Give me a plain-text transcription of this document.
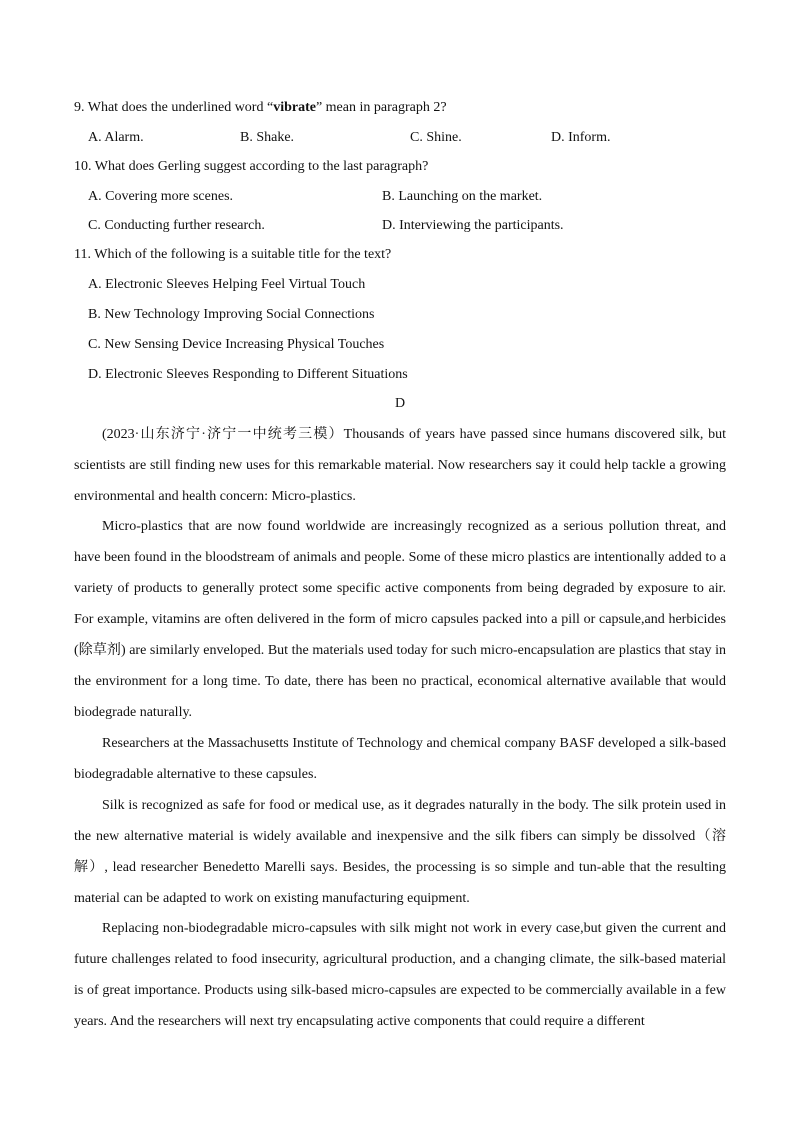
9. What does the underlined word “vibrate” mean in paragraph 2?
A. Alarm.	B. Shake.	C. Shine.	D. Inform.
10. What does Gerling suggest according to the last paragraph?
A. Covering more scenes.	B. Launching on the market.
C. Conducting further research.	D. Interviewing the participants.
11. Which of the following is a suitable title for the text?
A. Electronic Sleeves Helping Feel Virtual Touch
B. New Technology Improving Social Connections
C. New Sensing Device Increasing Physical Touches
D. Electronic Sleeves Responding to Different Situations
D

(2023·山东济宁·济宁一中统考三模）Thousands of years have passed since humans discovered silk, but scientists are still finding new uses for this remarkable material. Now researchers say it could help tackle a growing environmental and health concern: Micro-plastics.

Micro-plastics that are now found worldwide are increasingly recognized as a serious pollution threat, and have been found in the bloodstream of animals and people. Some of these micro plastics are intentionally added to a variety of products to generally protect some specific active components from being degraded by exposure to air. For example, vitamins are often delivered in the form of micro capsules packed into a pill or capsule,and herbicides (除草剂) are similarly enveloped. But the materials used today for such micro-encapsulation are plastics that stay in the environment for a long time. To date, there has been no practical, economical alternative available that would biodegrade naturally.

Researchers at the Massachusetts Institute of Technology and chemical company BASF developed a silk-based biodegradable alternative to these capsules.

Silk is recognized as safe for food or medical use, as it degrades naturally in the body. The silk protein used in the new alternative material is widely available and inexpensive and the silk fibers can simply be dissolved（溶解）, lead researcher Benedetto Marelli says. Besides, the processing is so simple and tun-able that the resulting material can be adapted to work on existing manufacturing equipment.

Replacing non-biodegradable micro-capsules with silk might not work in every case,but given the current and future challenges related to food insecurity, agricultural production, and a changing climate, the silk-based material is of great importance. Products using silk-based micro-capsules are expected to be commercially available in a few years. And the researchers will next try encapsulating active components that could require a different
